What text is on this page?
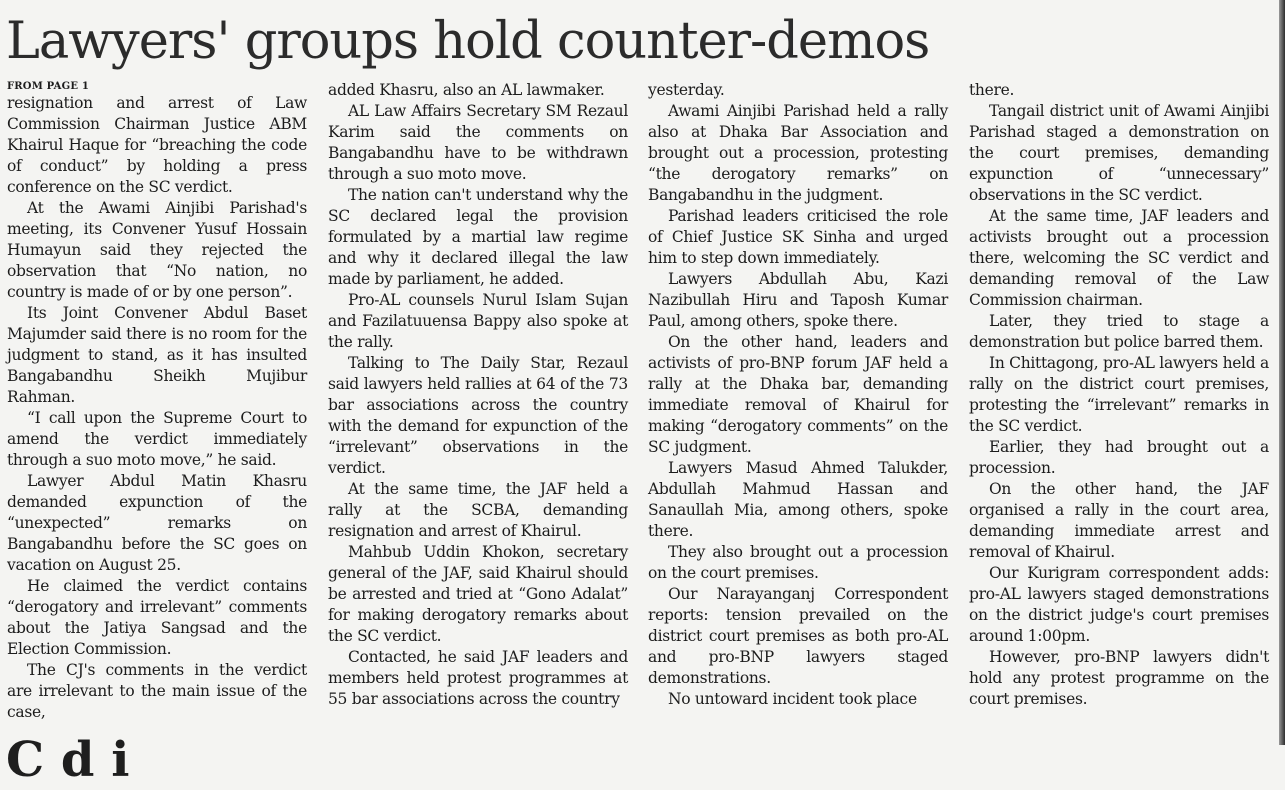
Lawyers' groups hold counter-demos
FROM PAGE 1

resignation and arrest of Law Commission Chairman Justice ABM Khairul Haque for “breaching the code of conduct” by holding a press conference on the SC verdict.

At the Awami Ainjibi Parishad's meeting, its Convener Yusuf Hossain Humayun said they rejected the observation that “No nation, no country is made of or by one person”.

Its Joint Convener Abdul Baset Majumder said there is no room for the judgment to stand, as it has insulted Bangabandhu Sheikh Mujibur Rahman.

“I call upon the Supreme Court to amend the verdict immediately through a suo moto move,” he said.

Lawyer Abdul Matin Khasru demanded expunction of the “unexpected” remarks on Bangabandhu before the SC goes on vacation on August 25.

He claimed the verdict contains “derogatory and irrelevant” comments about the Jatiya Sangsad and the Election Commission.

The CJ's comments in the verdict are irrelevant to the main issue of the case,

added Khasru, also an AL lawmaker.

AL Law Affairs Secretary SM Rezaul Karim said the comments on Bangabandhu have to be withdrawn through a suo moto move.

The nation can't understand why the SC declared legal the provision formulated by a martial law regime and why it declared illegal the law made by parliament, he added.

Pro-AL counsels Nurul Islam Sujan and Fazilatuuensa Bappy also spoke at the rally.

Talking to The Daily Star, Rezaul said lawyers held rallies at 64 of the 73 bar associations across the country with the demand for expunction of the “irrelevant” observations in the verdict.

At the same time, the JAF held a rally at the SCBA, demanding resignation and arrest of Khairul.

Mahbub Uddin Khokon, secretary general of the JAF, said Khairul should be arrested and tried at “Gono Adalat” for making derogatory remarks about the SC verdict.

Contacted, he said JAF leaders and members held protest programmes at 55 bar associations across the country

yesterday.

Awami Ainjibi Parishad held a rally also at Dhaka Bar Association and brought out a procession, protesting “the derogatory remarks” on Bangabandhu in the judgment.

Parishad leaders criticised the role of Chief Justice SK Sinha and urged him to step down immediately.

Lawyers Abdullah Abu, Kazi Nazibullah Hiru and Taposh Kumar Paul, among others, spoke there.

On the other hand, leaders and activists of pro-BNP forum JAF held a rally at the Dhaka bar, demanding immediate removal of Khairul for making “derogatory comments” on the SC judgment.

Lawyers Masud Ahmed Talukder, Abdullah Mahmud Hassan and Sanaullah Mia, among others, spoke there.

They also brought out a procession on the court premises.

Our Narayanganj Correspondent reports: tension prevailed on the district court premises as both pro-AL and pro-BNP lawyers staged demonstrations.

No untoward incident took place

there.

Tangail district unit of Awami Ainjibi Parishad staged a demonstration on the court premises, demanding expunction of “unnecessary” observations in the SC verdict.

At the same time, JAF leaders and activists brought out a procession there, welcoming the SC verdict and demanding removal of the Law Commission chairman.

Later, they tried to stage a demonstration but police barred them.

In Chittagong, pro-AL lawyers held a rally on the district court premises, protesting the “irrelevant” remarks in the SC verdict.

Earlier, they had brought out a procession.

On the other hand, the JAF organised a rally in the court area, demanding immediate arrest and removal of Khairul.

Our Kurigram correspondent adds: pro-AL lawyers staged demonstrations on the district judge's court premises around 1:00pm.

However, pro-BNP lawyers didn't hold any protest programme on the court premises.

C d i
